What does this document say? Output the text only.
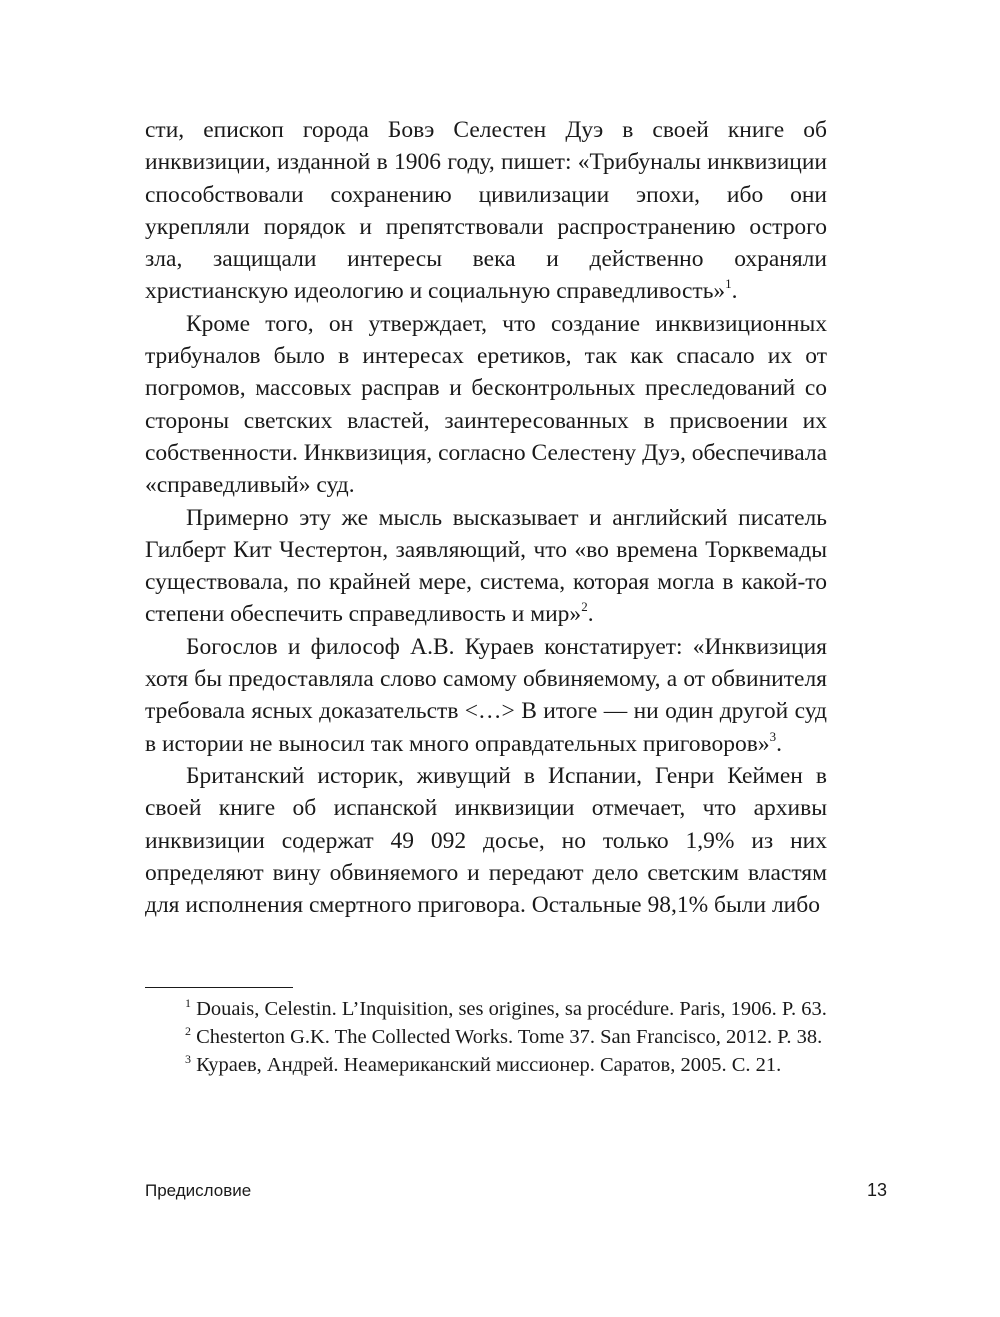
сти, епископ города Бовэ Селестен Дуэ в своей книге об инквизиции, изданной в 1906 году, пишет: «Трибуналы инквизиции способствовали сохранению цивилизации эпохи, ибо они укрепляли порядок и препятствовали распространению острого зла, защищали интересы века и действенно охраняли христианскую идеологию и социальную справедливость»$^1$.

Кроме того, он утверждает, что создание инквизиционных трибуналов было в интересах еретиков, так как спасало их от погромов, массовых расправ и бесконтрольных преследований со стороны светских властей, заинтересованных в присвоении их собственности. Инквизиция, согласно Селестену Дуэ, обеспечивала «справедливый» суд.

Примерно эту же мысль высказывает и английский писатель Гилберт Кит Честертон, заявляющий, что «во времена Торквемады существовала, по крайней мере, система, которая могла в какой-то степени обеспечить справедливость и мир»$^2$.

Богослов и философ А.В. Кураев констатирует: «Инквизиция хотя бы предоставляла слово самому обвиняемому, а от обвинителя требовала ясных доказательств <…> В итоге — ни один другой суд в истории не выносил так много оправдательных приговоров»$^3$.

Британский историк, живущий в Испании, Генри Кеймен в своей книге об испанской инквизиции отмечает, что архивы инквизиции содержат 49 092 досье, но только 1,9% из них определяют вину обвиняемого и передают дело светским властям для исполнения смертного приговора. Остальные 98,1% были либо

$^1$ Douais, Celestin. L’Inquisition, ses origines, sa procédure. Paris, 1906. P. 63.

$^2$ Chesterton G.K. The Collected Works. Tome 37. San Francisco, 2012. P. 38.

$^3$ Кураев, Андрей. Неамериканский миссионер. Саратов, 2005. С. 21.

Предисловие	13
